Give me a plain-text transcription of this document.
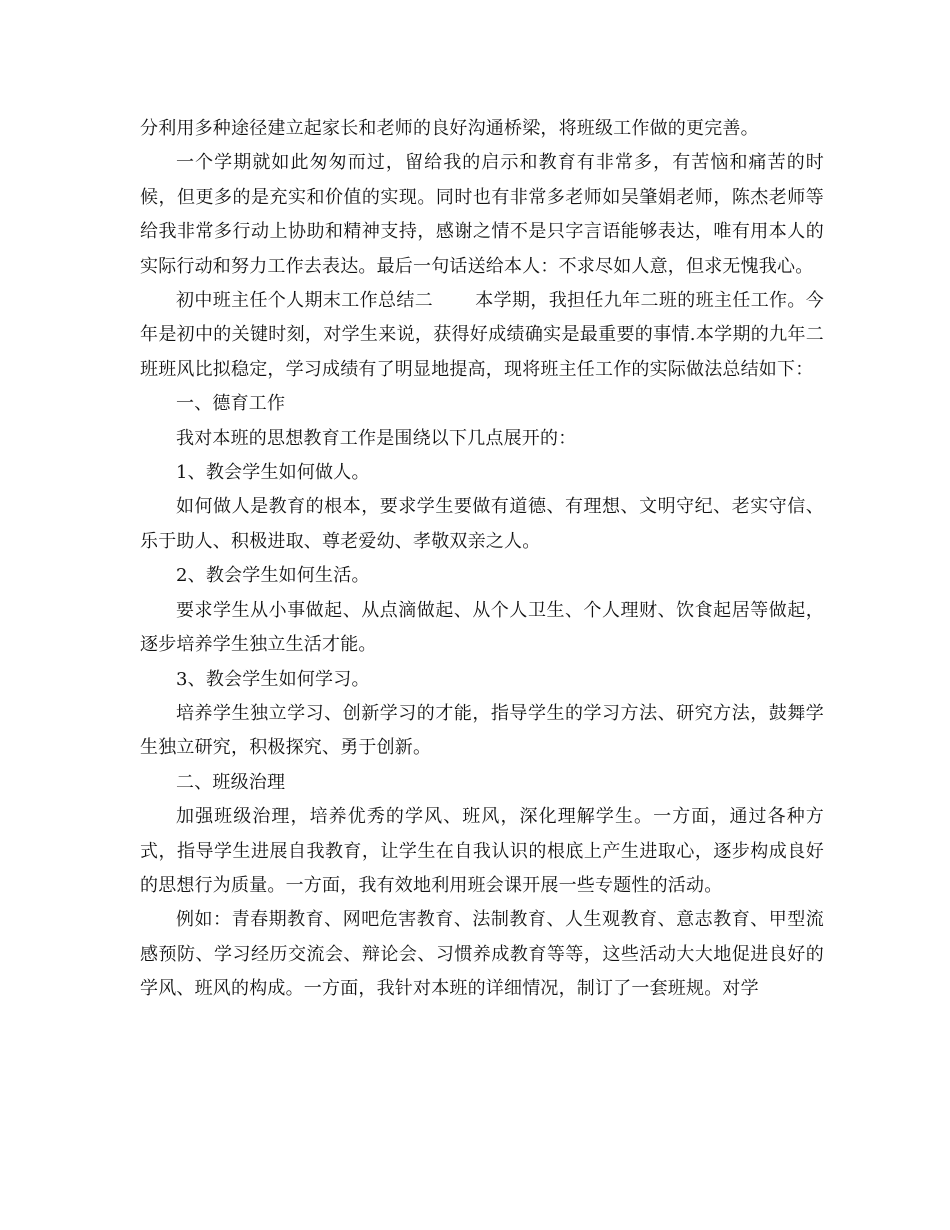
分利用多种途径建立起家长和老师的良好沟通桥梁，将班级工作做的更完善。

一个学期就如此匆匆而过，留给我的启示和教育有非常多，有苦恼和痛苦的时候，但更多的是充实和价值的实现。同时也有非常多老师如吴肇娟老师，陈杰老师等给我非常多行动上协助和精神支持，感谢之情不是只字言语能够表达，唯有用本人的实际行动和努力工作去表达。最后一句话送给本人：不求尽如人意，但求无愧我心。

初中班主任个人期末工作总结二 本学期，我担任九年二班的班主任工作。今年是初中的关键时刻，对学生来说，获得好成绩确实是最重要的事情.本学期的九年二班班风比拟稳定，学习成绩有了明显地提高，现将班主任工作的实际做法总结如下：

一、德育工作

我对本班的思想教育工作是围绕以下几点展开的：

1、教会学生如何做人。

如何做人是教育的根本，要求学生要做有道德、有理想、文明守纪、老实守信、乐于助人、积极进取、尊老爱幼、孝敬双亲之人。

2、教会学生如何生活。

要求学生从小事做起、从点滴做起、从个人卫生、个人理财、饮食起居等做起，逐步培养学生独立生活才能。

3、教会学生如何学习。

培养学生独立学习、创新学习的才能，指导学生的学习方法、研究方法，鼓舞学生独立研究，积极探究、勇于创新。

二、班级治理

加强班级治理，培养优秀的学风、班风，深化理解学生。一方面，通过各种方式，指导学生进展自我教育，让学生在自我认识的根底上产生进取心，逐步构成良好的思想行为质量。一方面，我有效地利用班会课开展一些专题性的活动。

例如：青春期教育、网吧危害教育、法制教育、人生观教育、意志教育、甲型流感预防、学习经历交流会、辩论会、习惯养成教育等等，这些活动大大地促进良好的学风、班风的构成。一方面，我针对本班的详细情况，制订了一套班规。对学
